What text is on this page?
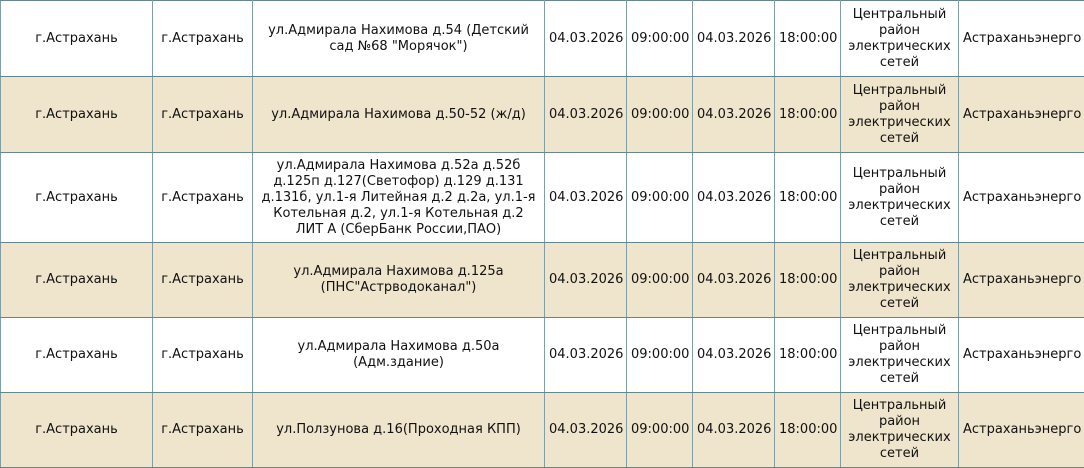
г.Астрахань	г.Астрахань	ул.Адмирала Нахимова д.54 (Детский сад №68 "Морячок")	04.03.2026	09:00:00	04.03.2026	18:00:00	Центральный район электрических сетей	Астраханьэнерго
г.Астрахань	г.Астрахань	ул.Адмирала Нахимова д.50-52 (ж/д)	04.03.2026	09:00:00	04.03.2026	18:00:00	Центральный район электрических сетей	Астраханьэнерго
г.Астрахань	г.Астрахань	ул.Адмирала Нахимова д.52а д.52б д.125п д.127(Светофор) д.129 д.131 д.131б, ул.1-я Литейная д.2 д.2а, ул.1-я Котельная д.2, ул.1-я Котельная д.2 ЛИТ А (СберБанк России,ПАО)	04.03.2026	09:00:00	04.03.2026	18:00:00	Центральный район электрических сетей	Астраханьэнерго
г.Астрахань	г.Астрахань	ул.Адмирала Нахимова д.125а (ПНС"Астрводоканал")	04.03.2026	09:00:00	04.03.2026	18:00:00	Центральный район электрических сетей	Астраханьэнерго
г.Астрахань	г.Астрахань	ул.Адмирала Нахимова д.50а (Адм.здание)	04.03.2026	09:00:00	04.03.2026	18:00:00	Центральный район электрических сетей	Астраханьэнерго
г.Астрахань	г.Астрахань	ул.Ползунова д.16(Проходная КПП)	04.03.2026	09:00:00	04.03.2026	18:00:00	Центральный район электрических сетей	Астраханьэнерго
